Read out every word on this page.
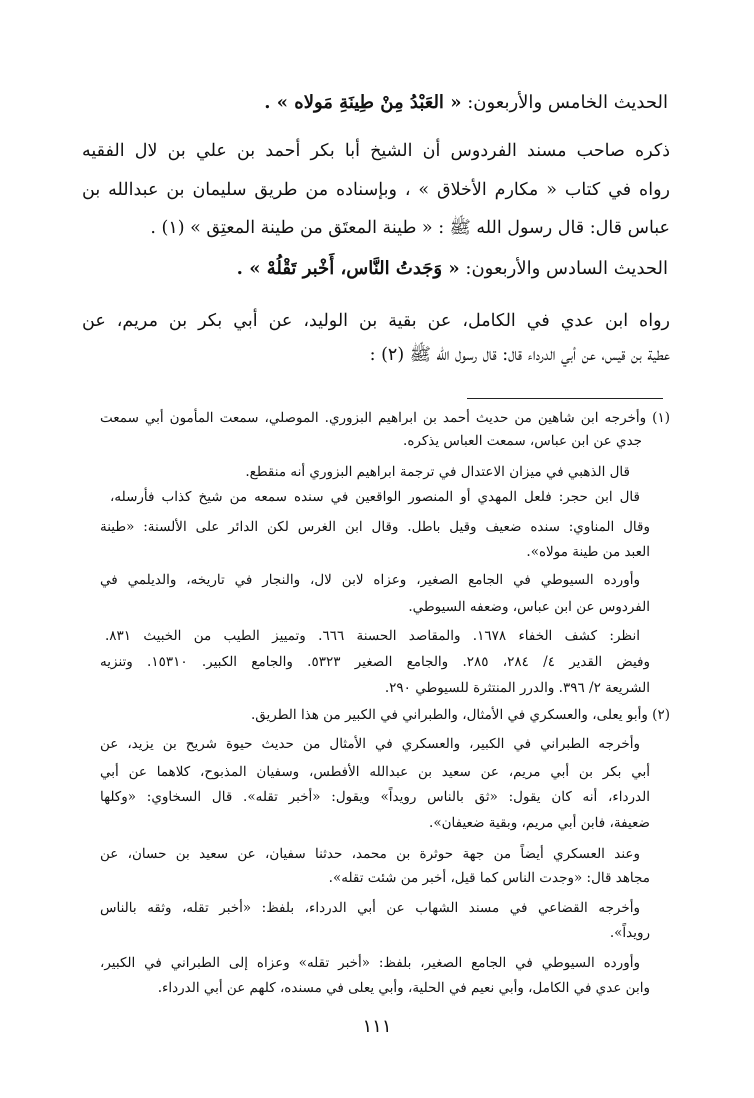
الحديث الخامس والأربعون: « العَبْدُ مِنْ طِينَةِ مَولاه » .
ذكره صاحب مسند الفردوس أن الشيخ أبا بكر أحمد بن علي بن لال الفقيه
رواه في كتاب « مكارم الأخلاق » ، وبإسناده من طريق سليمان بن عبدالله بن
عباس قال: قال رسول الله ﷺ : « طينة المعتَق من طينة المعتِق » (١) .
الحديث السادس والأربعون: « وَجَدتُ النَّاس، أَخْبر تَقْلُهْ » .
رواه ابن عدي في الكامل، عن بقية بن الوليد، عن أبي بكر بن مريم، عن
عطية بن قيس، عن أبي الدرداء قال: قال رسول الله ﷺ (٢) :
(١) وأخرجه ابن شاهين من حديث أحمد بن ابراهيم البزوري. الموصلي، سمعت المأمون أبي سمعت
جدي عن ابن عباس، سمعت العباس يذكره.
قال الذهبي في ميزان الاعتدال في ترجمة ابراهيم البزوري أنه منقطع.
قال ابن حجر: فلعل المهدي أو المنصور الواقعين في سنده سمعه من شيخ كذاب فأرسله،
وقال المناوي: سنده ضعيف وقيل باطل. وقال ابن الغرس لكن الدائر على الألسنة: «طينة
العبد من طينة مولاه».
وأورده السيوطي في الجامع الصغير، وعزاه لابن لال، والنجار في تاريخه، والديلمي في
الفردوس عن ابن عباس، وضعفه السيوطي.
انظر: كشف الخفاء ١٦٧٨. والمقاصد الحسنة ٦٦٦. وتمييز الطيب من الخبيث ٨٣١.
وفيض القدير ٤/ ٢٨٤، ٢٨٥. والجامع الصغير ٥٣٢٣. والجامع الكبير. ١٥٣١٠. وتنزيه
الشريعة ٢/ ٣٩٦. والدرر المنتثرة للسيوطي ٢٩٠.
(٢) وأبو يعلى، والعسكري في الأمثال، والطبراني في الكبير من هذا الطريق.
وأخرجه الطبراني في الكبير، والعسكري في الأمثال من حديث حيوة شريح بن يزيد، عن
أبي بكر بن أبي مريم، عن سعيد بن عبدالله الأفطس، وسفيان المذبوح، كلاهما عن أبي
الدرداء، أنه كان يقول: «ثق بالناس رويداً» ويقول: «أخبر تقله». قال السخاوي: «وكلها
ضعيفة، فابن أبي مريم، وبقية ضعيفان».
وعند العسكري أيضاً من جهة حوثرة بن محمد، حدثنا سفيان، عن سعيد بن حسان، عن
مجاهد قال: «وجدت الناس كما قيل، أخبر من شئت تقله».
وأخرجه القضاعي في مسند الشهاب عن أبي الدرداء، بلفظ: «أخبر تقله، وثقه بالناس
رويداً».
وأورده السيوطي في الجامع الصغير، بلفظ: «أخبر تقله» وعزاه إلى الطبراني في الكبير،
وابن عدي في الكامل، وأبي نعيم في الحلية، وأبي يعلى في مسنده، كلهم عن أبي الدرداء.
١١١
